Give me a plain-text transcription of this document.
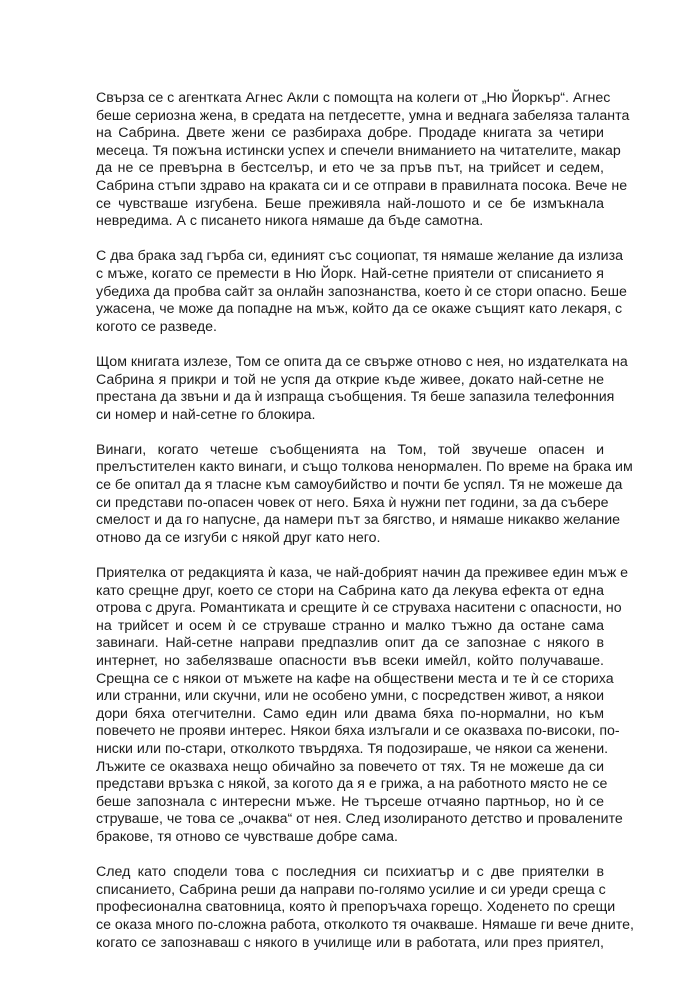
Свърза се с агентката Агнес Акли с помощта на колеги от „Ню Йоркър“. Агнес
беше сериозна жена, в средата на петдесетте, умна и веднага забеляза таланта
на Сабрина. Двете жени се разбираха добре. Продаде книгата за четири
месеца. Тя пожъна истински успех и спечели вниманието на читателите, макар
да не се превърна в бестселър, и ето че за пръв път, на трийсет и седем,
Сабрина стъпи здраво на краката си и се отправи в правилната посока. Вече не
се чувстваше изгубена. Беше преживяла най-лошото и се бе измъкнала
невредима. А с писането никога нямаше да бъде самотна.
С два брака зад гърба си, единият със социопат, тя нямаше желание да излиза
с мъже, когато се премести в Ню Йорк. Най-сетне приятели от списанието я
убедиха да пробва сайт за онлайн запознанства, което ѝ се стори опасно. Беше
ужасена, че може да попадне на мъж, който да се окаже същият като лекаря, с
когото се разведе.
Щом книгата излезе, Том се опита да се свърже отново с нея, но издателката на
Сабрина я прикри и той не успя да открие къде живее, докато най-сетне не
престана да звъни и да ѝ изпраща съобщения. Тя беше запазила телефонния
си номер и най-сетне го блокира.
Винаги, когато четеше съобщенията на Том, той звучеше опасен и
прелъстителен както винаги, и също толкова ненормален. По време на брака им
се бе опитал да я тласне към самоубийство и почти бе успял. Тя не можеше да
си представи по-опасен човек от него. Бяха ѝ нужни пет години, за да събере
смелост и да го напусне, да намери път за бягство, и нямаше никакво желание
отново да се изгуби с някой друг като него.
Приятелка от редакцията ѝ каза, че най-добрият начин да преживее един мъж е
като срещне друг, което се стори на Сабрина като да лекува ефекта от една
отрова с друга. Романтиката и срещите ѝ се струваха наситени с опасности, но
на трийсет и осем ѝ се струваше странно и малко тъжно да остане сама
завинаги. Най-сетне направи предпазлив опит да се запознае с някого в
интернет, но забелязваше опасности във всеки имейл, който получаваше.
Срещна се с някои от мъжете на кафе на обществени места и те ѝ се сториха
или странни, или скучни, или не особено умни, с посредствен живот, а някои
дори бяха отегчителни. Само един или двама бяха по-нормални, но към
повечето не прояви интерес. Някои бяха излъгали и се оказваха по-високи, по-
ниски или по-стари, отколкото твърдяха. Тя подозираше, че някои са женени.
Лъжите се оказваха нещо обичайно за повечето от тях. Тя не можеше да си
представи връзка с някой, за когото да я е грижа, а на работното място не се
беше запознала с интересни мъже. Не търсеше отчаяно партньор, но ѝ се
струваше, че това се „очаква“ от нея. След изолираното детство и провалените
бракове, тя отново се чувстваше добре сама.
След като сподели това с последния си психиатър и с две приятелки в
списанието, Сабрина реши да направи по-голямо усилие и си уреди среща с
професионална сватовница, която ѝ препоръчаха горещо. Ходенето по срещи
се оказа много по-сложна работа, отколкото тя очакваше. Нямаше ги вече дните,
когато се запознаваш с някого в училище или в работата, или през приятел,
